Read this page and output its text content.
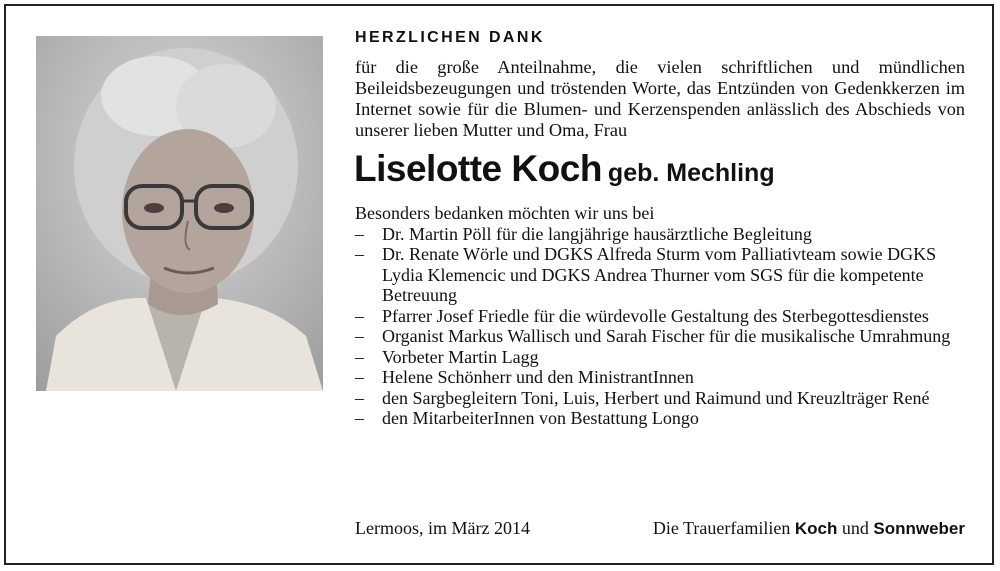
HERZLICHEN DANK

für die große Anteilnahme, die vielen schriftlichen und mündlichen Beileidsbezeugungen und tröstenden Worte, das Entzünden von Gedenkkerzen im Internet sowie für die Blumen- und Kerzenspenden anlässlich des Abschieds von unserer lieben Mutter und Oma, Frau

Liselotte Koch geb. Mechling

Besonders bedanken möchten wir uns bei

– Dr. Martin Pöll für die langjährige hausärztliche Begleitung
– Dr. Renate Wörle und DGKS Alfreda Sturm vom Palliativteam sowie DGKS Lydia Klemencic und DGKS Andrea Thurner vom SGS für die kompetente Betreuung
– Pfarrer Josef Friedle für die würdevolle Gestaltung des Sterbegottesdienstes
– Organist Markus Wallisch und Sarah Fischer für die musikalische Umrahmung
– Vorbeter Martin Lagg
– Helene Schönherr und den MinistrantInnen
– den Sargbegleitern Toni, Luis, Herbert und Raimund und Kreuzlträger René
– den MitarbeiterInnen von Bestattung Longo
Lermoos, im März 2014	Die Trauerfamilien Koch und Sonnweber
